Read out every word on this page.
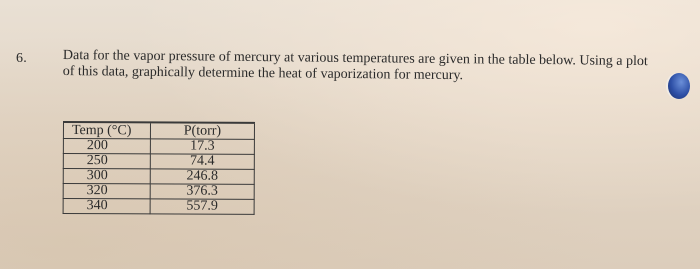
6.	Data for the vapor pressure of mercury at various temperatures are given in the table below. Using a plot

of this data, graphically determine the heat of vaporization for mercury.

Temp (°C)	P(torr)
200	17.3
250	74.4
300	246.8
320	376.3
340	557.9
